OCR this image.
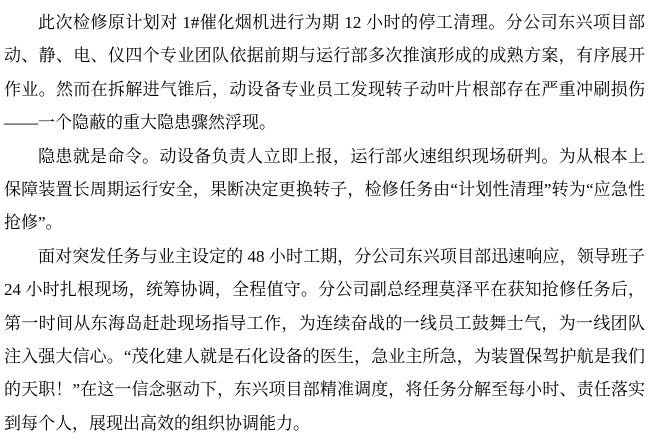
此次检修原计划对 1#催化烟机进行为期 12 小时的停工清理。分公司东兴项目部动、静、电、仪四个专业团队依据前期与运行部多次推演形成的成熟方案，有序展开作业。然而在拆解进气锥后，动设备专业员工发现转子动叶片根部存在严重冲刷损伤——一个隐蔽的重大隐患骤然浮现。

隐患就是命令。动设备负责人立即上报，运行部火速组织现场研判。为从根本上保障装置长周期运行安全，果断决定更换转子，检修任务由“计划性清理”转为“应急性抢修”。

面对突发任务与业主设定的 48 小时工期，分公司东兴项目部迅速响应，领导班子 24 小时扎根现场，统筹协调，全程值守。分公司副总经理莫泽平在获知抢修任务后，第一时间从东海岛赶赴现场指导工作，为连续奋战的一线员工鼓舞士气，为一线团队注入强大信心。“茂化建人就是石化设备的医生，急业主所急，为装置保驾护航是我们的天职！”在这一信念驱动下，东兴项目部精准调度，将任务分解至每小时、责任落实到每个人，展现出高效的组织协调能力。
